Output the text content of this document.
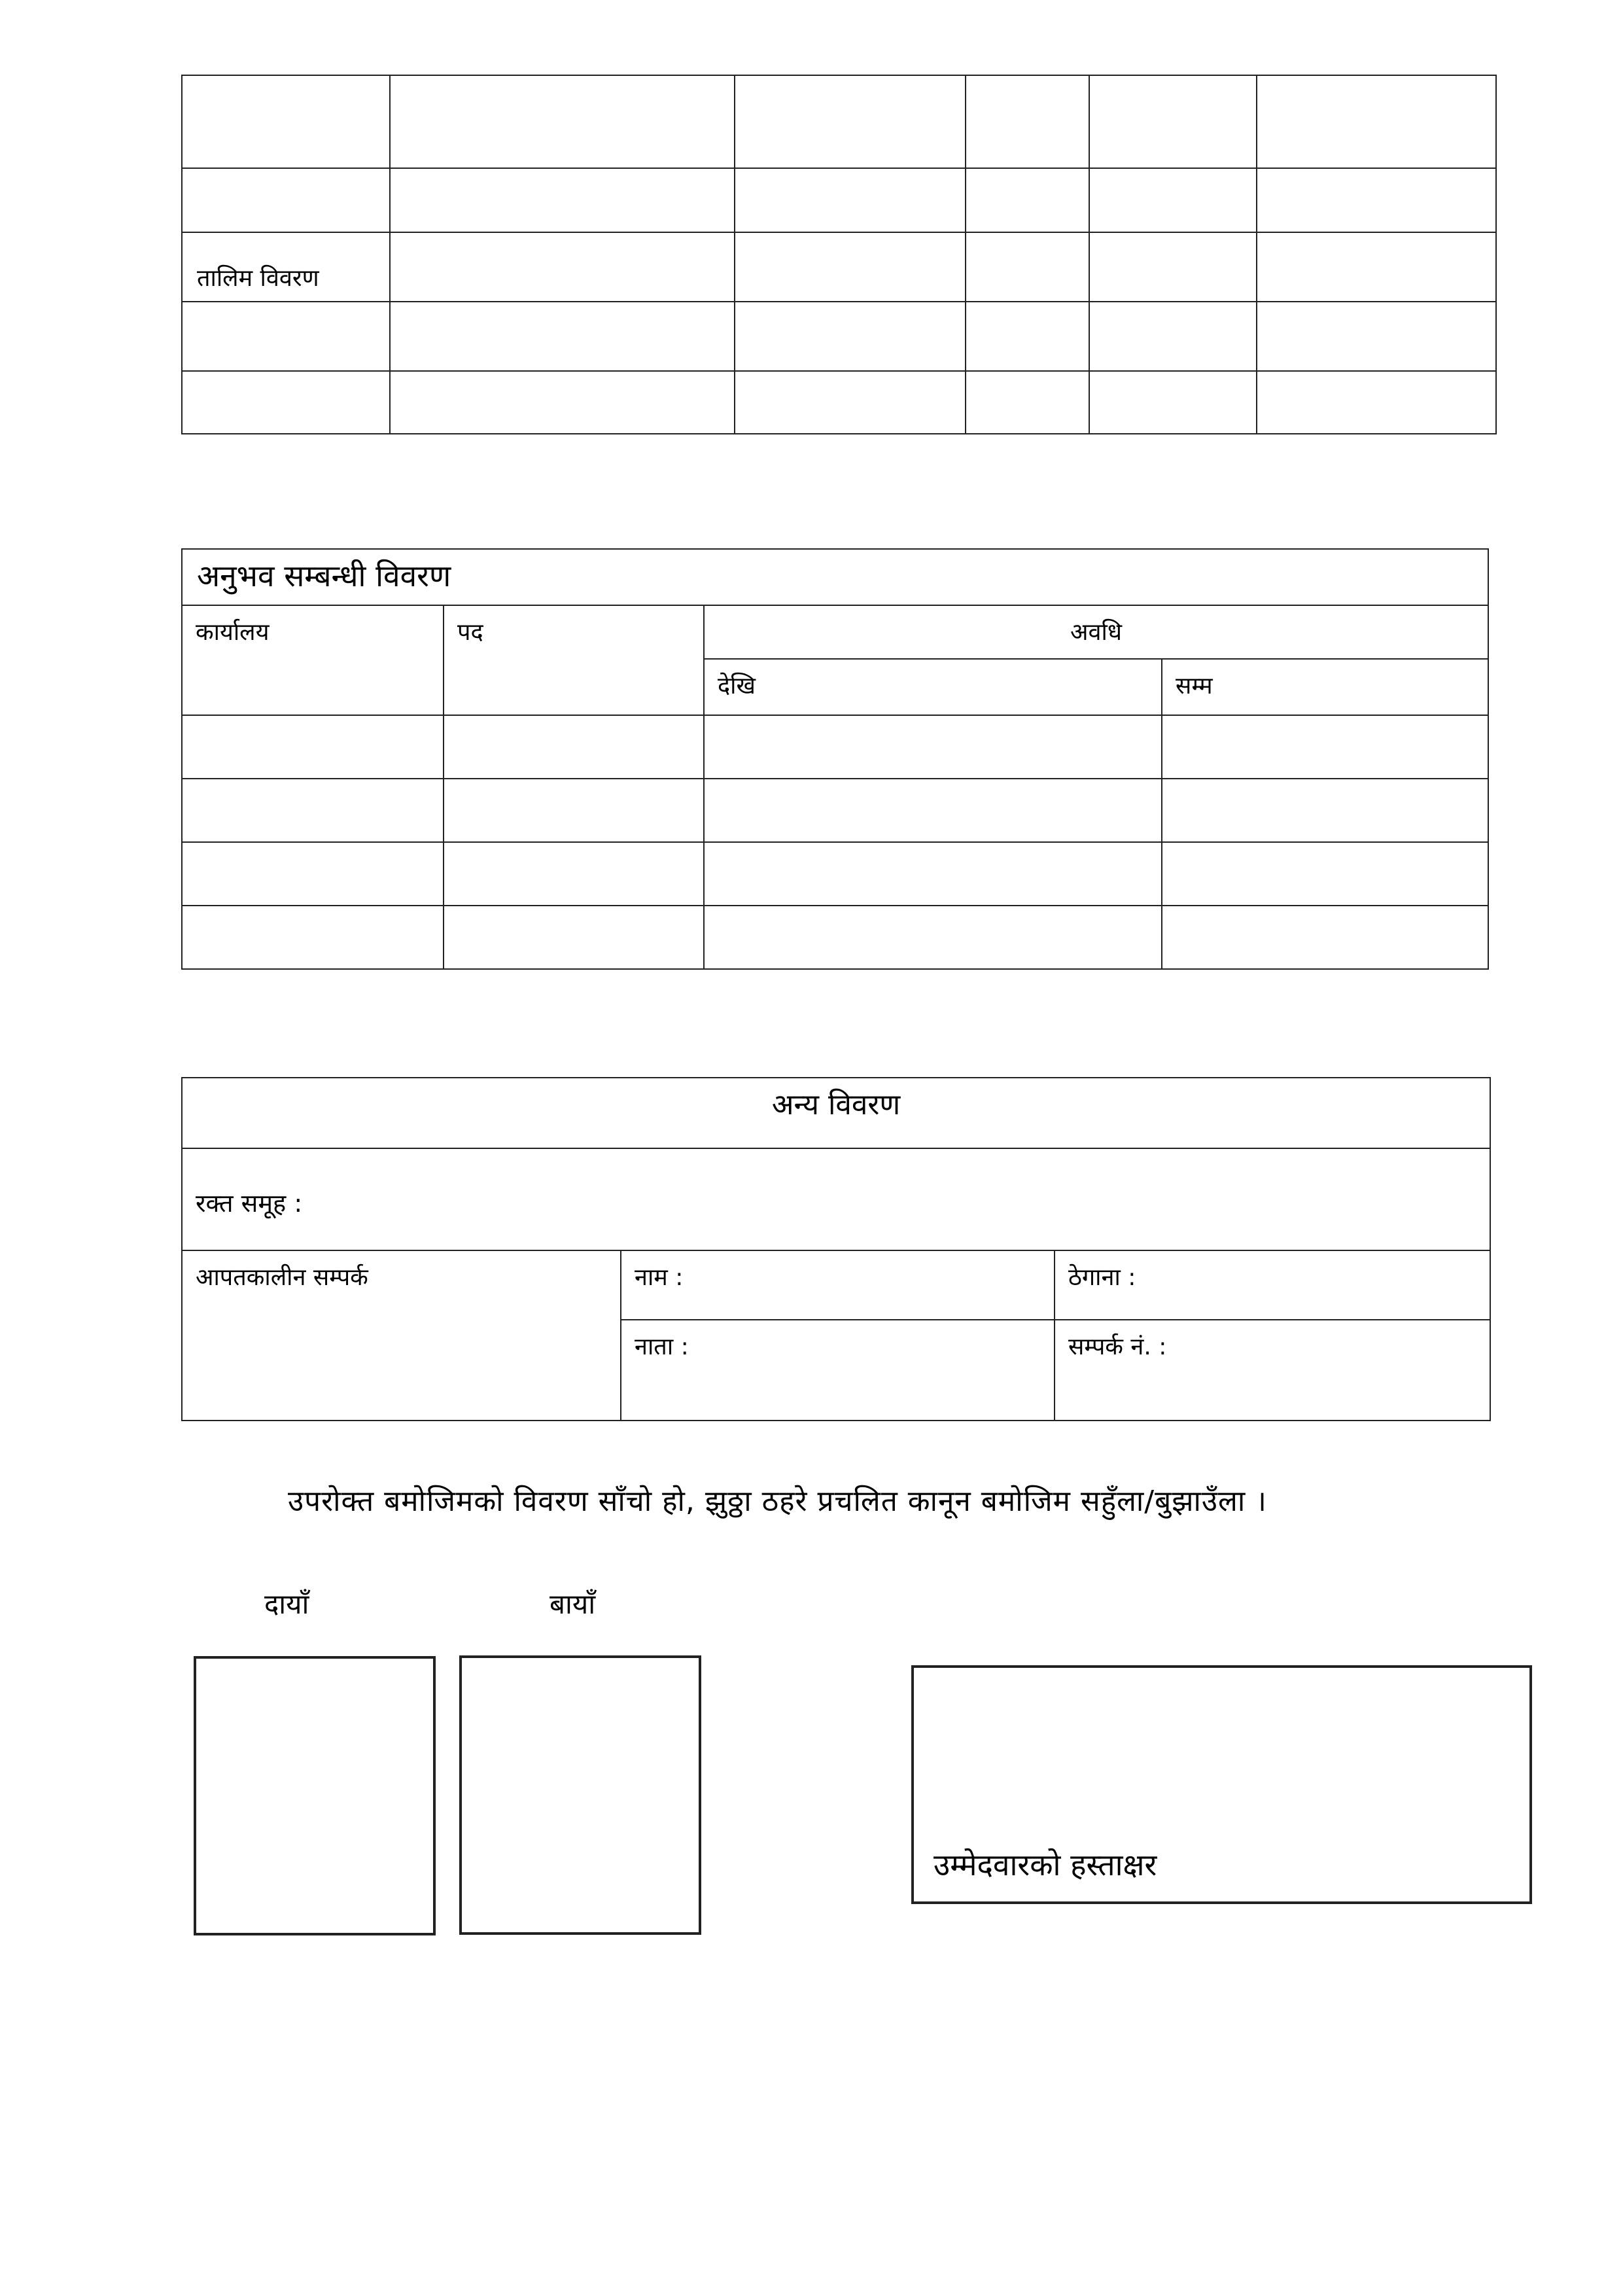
तालिम विवरण					

अनुभव सम्बन्धी विवरण			

कार्यालय	पद	अवधि	

		देखि	सम्म

अन्य विवरण		

रक्त समूह :		

आपतकालीन सम्पर्क	नाम :	ठेगाना :

	नाता :	सम्पर्क नं. :
उपरोक्त बमोजिमको विवरण साँचो हो, झुठ्ठा ठहरे प्रचलित कानून बमोजिम सहुँला/बुझाउँला ।
दायाँ	बायाँ
उम्मेदवारको हस्ताक्षर
